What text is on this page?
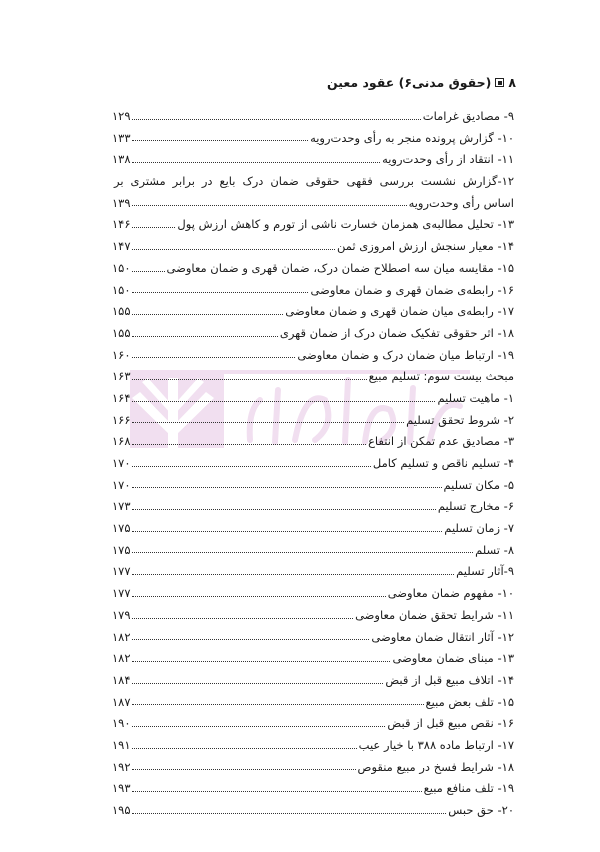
۸
(حقوق مدنی۶) عقود معین
۹- مصادیق غرامات
۱۲۹
۱۰- گزارش پرونده منجر به رأی وحدت‌رویه
۱۳۳
۱۱- انتقاد از رأی وحدت‌رویه
۱۳۸
۱۲-گزارش نشست بررسی فقهی حقوقی ضمان درک بایع در برابر مشتری بر
اساس رأی وحدت‌رویه
۱۳۹
۱۳- تحلیل مطالبه‌ی همزمان خسارت ناشی از تورم و کاهش ارزش پول
۱۴۶
۱۴- معیار سنجش ارزش امروزی ثمن
۱۴۷
۱۵- مقایسه میان سه اصطلاح ضمان درک، ضمان قهری و ضمان معاوضی
۱۵۰
۱۶- رابطه‌ی ضمان قهری و ضمان معاوضی
۱۵۰
۱۷- رابطه‌ی میان ضمان قهری و ضمان معاوضی
۱۵۵
۱۸- اثر حقوقی تفکیک ضمان درک از ضمان قهری
۱۵۵
۱۹- ارتباط میان ضمان درک و ضمان معاوضی
۱۶۰
مبحث بیست سوم: تسلیم مبیع
۱۶۳
۱- ماهیت تسلیم
۱۶۴
۲- شروط تحقق تسلیم
۱۶۶
۳- مصادیق عدم تمکن از انتفاع
۱۶۸
۴- تسلیم ناقص و تسلیم کامل
۱۷۰
۵- مکان تسلیم
۱۷۰
۶- مخارج تسلیم
۱۷۳
۷- زمان تسلیم
۱۷۵
۸- تسلم
۱۷۵
۹-آثار تسلیم
۱۷۷
۱۰- مفهوم ضمان معاوضی
۱۷۷
۱۱- شرایط تحقق ضمان معاوضی
۱۷۹
۱۲- آثار انتقال ضمان معاوضی
۱۸۲
۱۳- مبنای ضمان معاوضی
۱۸۲
۱۴- اتلاف مبیع قبل از قبض
۱۸۴
۱۵- تلف بعض مبیع
۱۸۷
۱۶- نقص مبیع قبل از قبض
۱۹۰
۱۷- ارتباط ماده ۳۸۸ با خیار عیب
۱۹۱
۱۸- شرایط فسخ در مبیع منقوص
۱۹۲
۱۹- تلف منافع مبیع
۱۹۳
۲۰- حق حبس
۱۹۵
